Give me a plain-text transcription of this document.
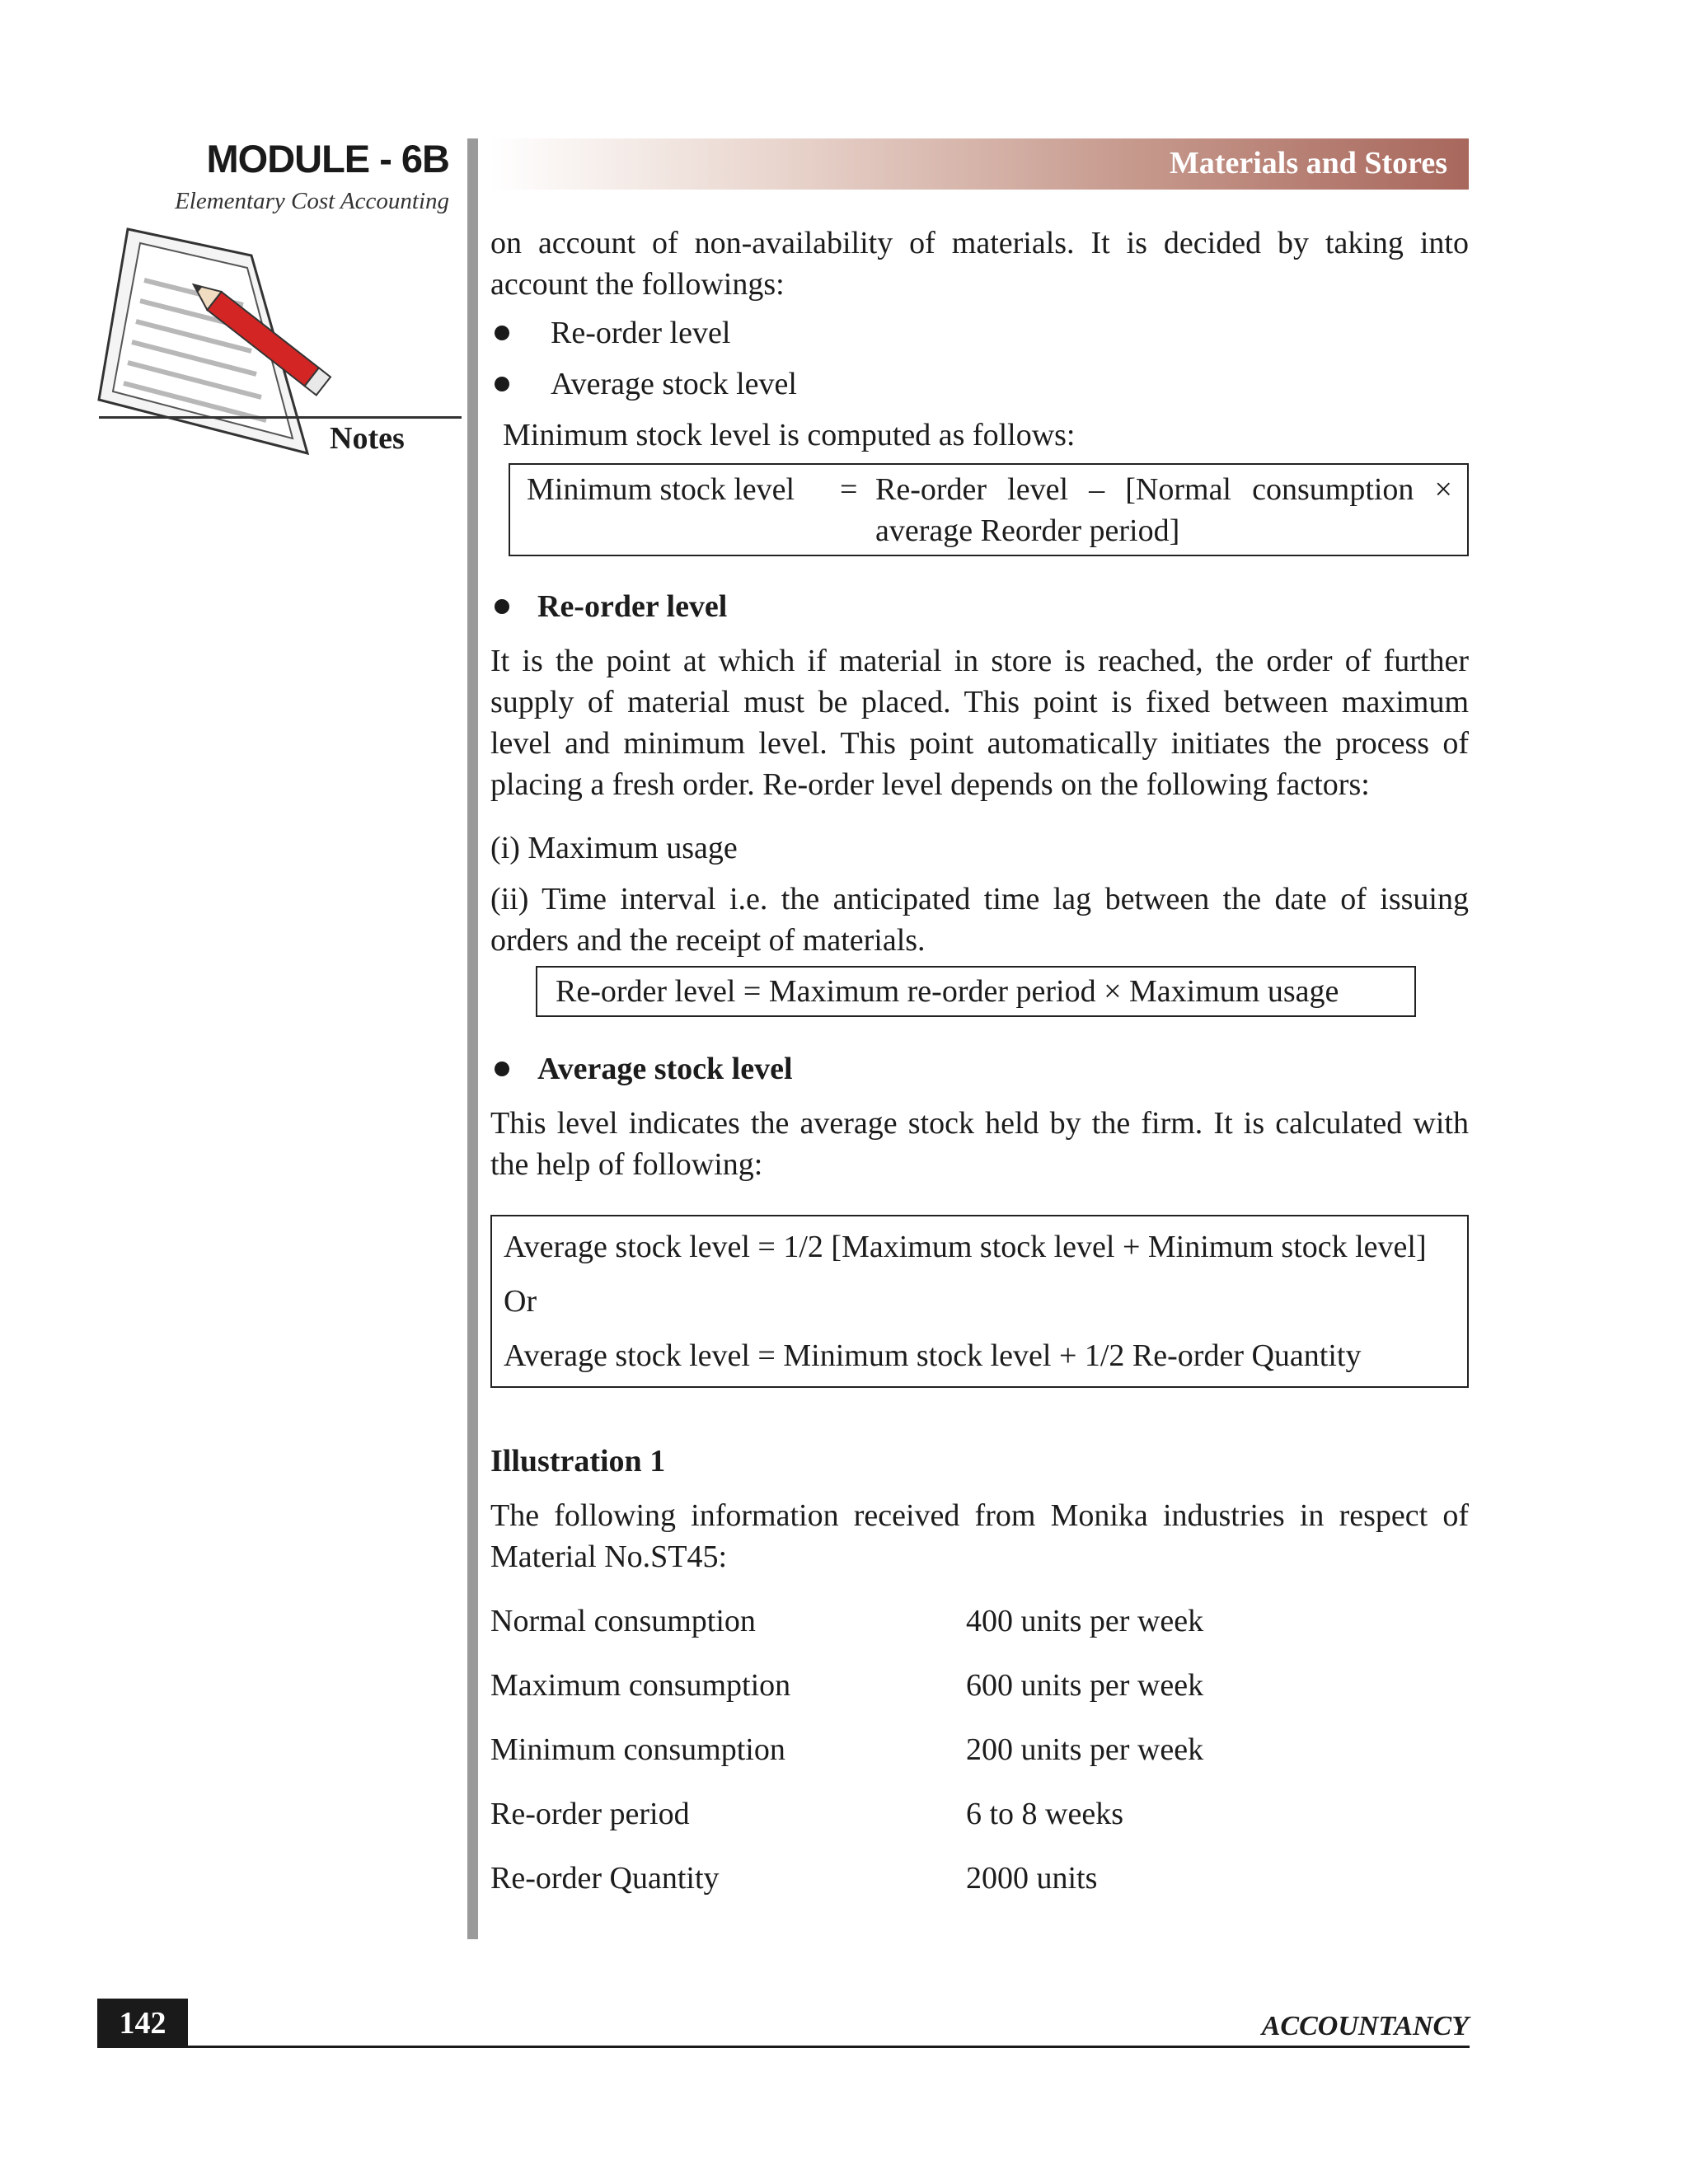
MODULE - 6B
Elementary Cost Accounting
Notes
Materials and Stores
on account of non-availability of materials. It is decided by taking into account the followings:
Re-order level
Average stock level
Minimum stock level is computed as follows:
Minimum stock level = Re-order level – [Normal consumption ×
average Reorder period]
Re-order level
It is the point at which if material in store is reached, the order of further supply of material must be placed. This point is fixed between maximum level and minimum level. This point automatically initiates the process of placing a fresh order. Re-order level depends on the following factors:
(i) Maximum usage
(ii) Time interval i.e. the anticipated time lag between the date of issuing orders and the receipt of materials.
Re-order level = Maximum re-order period × Maximum usage
Average stock level
This level indicates the average stock held by the firm. It is calculated with the help of following:
Average stock level = 1/2 [Maximum stock level + Minimum stock level]
Or
Average stock level = Minimum stock level + 1/2 Re-order Quantity
Illustration 1
The following information received from Monika industries in respect of Material No.ST45:
Normal consumption	400 units per week
Maximum consumption	600 units per week
Minimum consumption	200 units per week
Re-order period	6 to 8 weeks
Re-order Quantity	2000 units
142	ACCOUNTANCY
